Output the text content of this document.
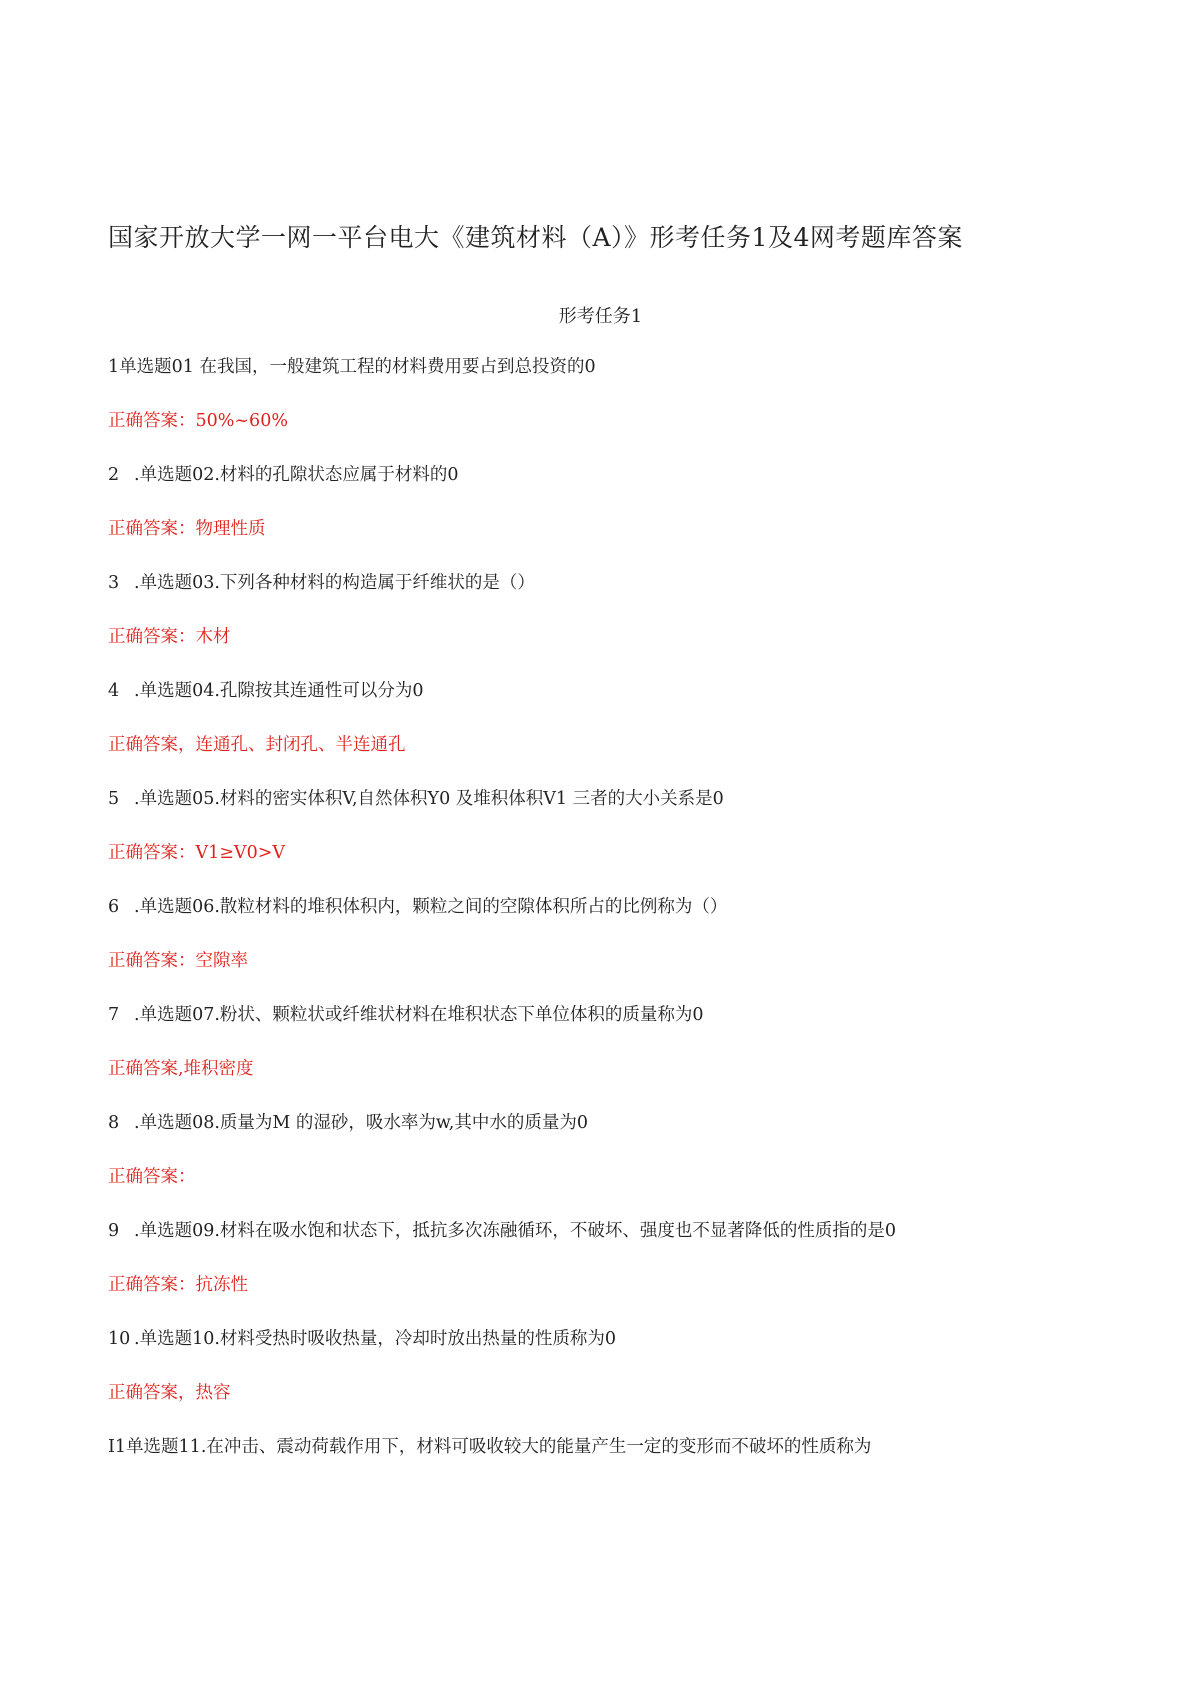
国家开放大学一网一平台电大《建筑材料（A）》形考任务1及4网考题库答案
形考任务1
1单选题01 在我国，一般建筑工程的材料费用要占到总投资的0
正确答案：50%~60%
2 .单选题02.材料的孔隙状态应属于材料的0
正确答案：物理性质
3 .单选题03.下列各种材料的构造属于纤维状的是（）
正确答案：木材
4 .单选题04.孔隙按其连通性可以分为0
正确答案，连通孔、封闭孔、半连通孔
5 .单选题05.材料的密实体积V,自然体积Y0 及堆积体积V1 三者的大小关系是0
正确答案：V1≥V0>V
6 .单选题06.散粒材料的堆积体积内，颗粒之间的空隙体积所占的比例称为（）
正确答案：空隙率
7 .单选题07.粉状、颗粒状或纤维状材料在堆积状态下单位体积的质量称为0
正确答案,堆积密度
8 .单选题08.质量为M 的湿砂，吸水率为w,其中水的质量为0
正确答案：
9 .单选题09.材料在吸水饱和状态下，抵抗多次冻融循环，不破坏、强度也不显著降低的性质指的是0
正确答案：抗冻性
10 .单选题10.材料受热时吸收热量，冷却时放出热量的性质称为0
正确答案，热容
I1单选题11.在冲击、震动荷载作用下，材料可吸收较大的能量产生一定的变形而不破坏的性质称为
